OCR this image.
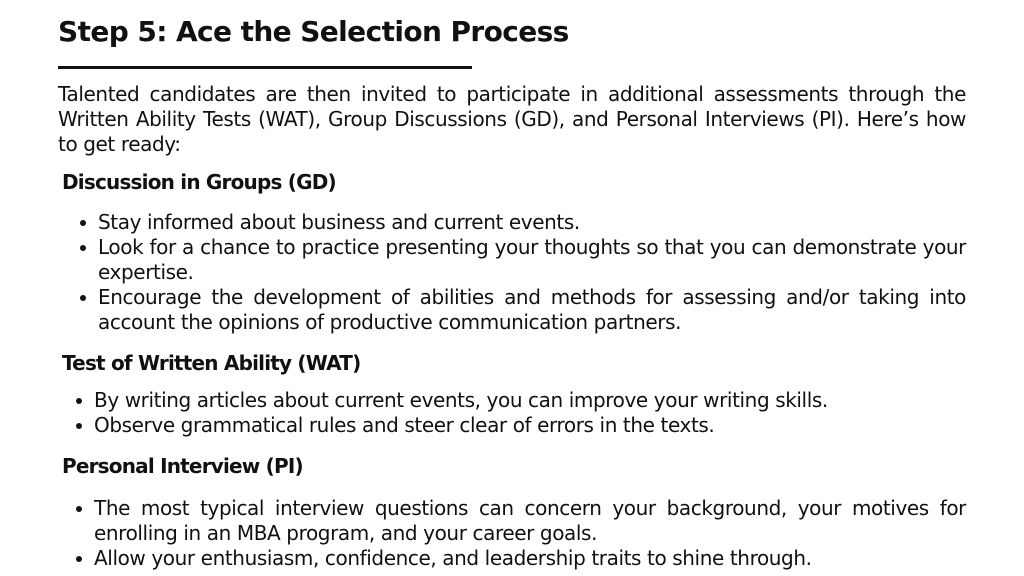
Step 5: Ace the Selection Process

Talented candidates are then invited to participate in additional assessments through the Written Ability Tests (WAT), Group Discussions (GD), and Personal Interviews (PI). Here’s how to get ready:

Discussion in Groups (GD)
Stay informed about business and current events.
Look for a chance to practice presenting your thoughts so that you can demonstrate your expertise.
Encourage the development of abilities and methods for assessing and/or taking into account the opinions of productive communication partners.
Test of Written Ability (WAT)
By writing articles about current events, you can improve your writing skills.
Observe grammatical rules and steer clear of errors in the texts.
Personal Interview (PI)
The most typical interview questions can concern your background, your motives for enrolling in an MBA program, and your career goals.
Allow your enthusiasm, confidence, and leadership traits to shine through.
